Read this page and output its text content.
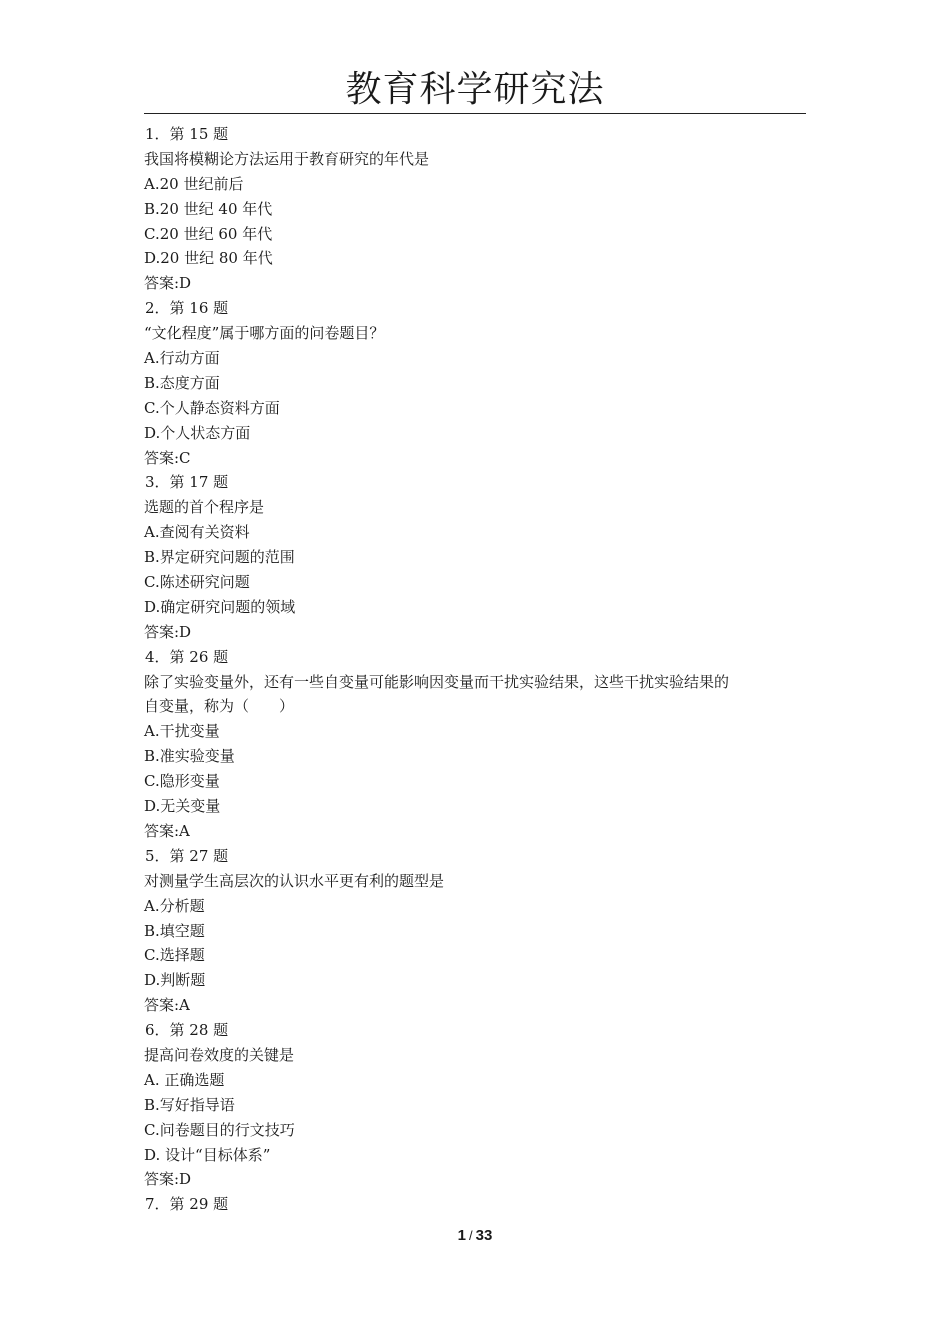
教育科学研究法
1．第 15 题
我国将模糊论方法运用于教育研究的年代是
A.20 世纪前后
B.20 世纪 40 年代
C.20 世纪 60 年代
D.20 世纪 80 年代
答案:D
2．第 16 题
“文化程度”属于哪方面的问卷题目？
A.行动方面
B.态度方面
C.个人静态资料方面
D.个人状态方面
答案:C
3．第 17 题
选题的首个程序是
A.查阅有关资料
B.界定研究问题的范围
C.陈述研究问题
D.确定研究问题的领域
答案:D
4．第 26 题
除了实验变量外，还有一些自变量可能影响因变量而干扰实验结果，这些干扰实验结果的
自变量，称为（　　）
A.干扰变量
B.准实验变量
C.隐形变量
D.无关变量
答案:A
5．第 27 题
对测量学生高层次的认识水平更有利的题型是
A.分析题
B.填空题
C.选择题
D.判断题
答案:A
6．第 28 题
提高问卷效度的关键是
A. 正确选题
B.写好指导语
C.问卷题目的行文技巧
D. 设计“目标体系”
答案:D
7．第 29 题
1 / 33
